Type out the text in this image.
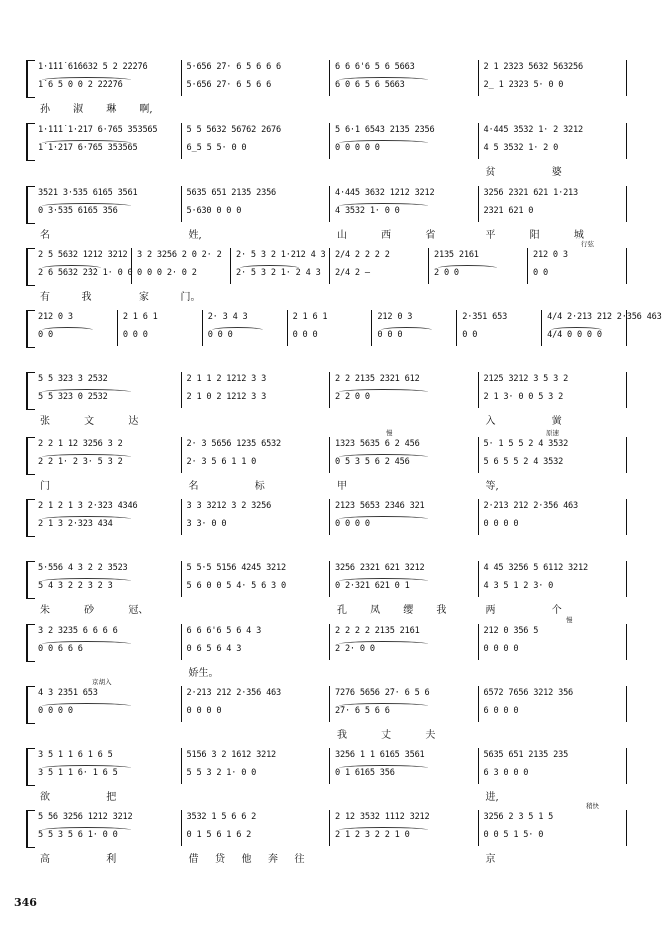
1·1̇1̇1̇ 6̇1̇6632 5 2 2̇2̇2̇7̇6	5·656 2̇7· 6 5 6 6 6	6 6 6'6 5 6 5663	2 1 2323 5632 563256
1̇ 6 5 0 0 2 2̇2̇2̇7̇6	5·656 2̇7· 6 5 6 6	6 0 6 5 6 5663	2̲ 1 2323 5· 0 0
孙 淑 琳 啊,
1·1̇1̇1̇ 1·217 6·765 353565	5 5 5632 56762 2676	5 6·1 6543 2135 2356	4·445 3532 1· 2 3212
1̇ 1·217 6·765 353565	6̲5 5 5· 0 0	0 0 0 0 0	4 5 3532 1· 2 0
贫	婆
3521 3·535 6165 3561	5635 651 2135 2356	4·445 3632 1212 3212	3256 2321 621 1·213
0 3·535 6165 356	5·630 0 0 0	4 3532 1· 0 0	2321 621 0
名	姓,	山	西	省	平	阳	城
2 5 5632 1212 3212 3 2 3256 2 0 2· 2	2· 5 3 2 1·212 4 3 2/4 2 2 2 2	2135 2161	212 0 3
2 6 5632 2̇3̇2 1· 0 0 0 0 0 2· 0 2	2· 5 3 2 1· 2 4 3	2/4 2 —	2 0 0	0 0
有	我	家	门。
行弦
212 0 3	2 1 6 1	2· 3 4 3	2 1 6 1	212 0 3	2·351 653	4/4 2·213 212 2·356 463
0 0	0 0 0	0 0 0	0 0 0	0 0 0	0 0	4/4 0 0 0 0
5 5 323 3 2532	2 1 1 2 1212 3 3	2 2 2135 2321 612	2125 3212 3 5 3 2
5 5 323 0 2532	2 1 0 2 1212 3 3	2 2 0 0	2 1 3· 0 0 5 3 2
张	文	达	入	黉
2 2 1 12 3256 3 2	2· 3 5656 1235 6532	1323 5635 6 2 456	5· 1 5 5 2 4 3532
2 2 1· 2 3· 5 3 2	2· 3 5 6 1 1 0	0 5 3 5 6 2 456	5 6 5 5 2 4 3532
门	名	标	甲	等,
慢	原速
2 1 2 1 3 2·323 4346	3 3 3212 3 2 3256	2123 5653 2346 321	2·213 212 2·356 463
2 1 3 2·323 434	3 3· 0 0	0 0 0 0	0 0 0 0
5·556 4 3 2 2 3523	5 5·5 5156 4245 3212	3256 2321 621 3212	4 45 3256 5 6112 3212
5 4 3 2 2 3 2 3	5 6 0 0 5 4· 5 6 3 0	0 2·321 621 0 1	4 3 5 1 2 3· 0
朱	砂	冠、	孔 凤 缨 我	两	个
3 2 3235 6 6 6 6	6 6 6'6 5 6 4 3	2 2 2 2 2135 2161	212 0 356 5
0 0 6 6 6	0 6 5 6 4 3	2 2· 0 0	0 0 0 0
娇生。
慢
4 3 2351 653	2·213 212 2·356 463	7276 5656 2̇7· 6 5 6	6572 7656 3212 356
0 0 0 0	0 0 0 0	2̇7· 6 5 6 6	6 0 0 0
我	丈	夫
京胡入
3 5 1 1 6 1 6 5	5156 3 2 1612 3212	3256 1 1 6165 3561	5635 651 2135 235
3 5 1 1 6· 1 6 5	5 5 3 2 1· 0 0	0 1 6165 356	6 3 0 0 0
欲	把	进,
5 56 3256 1212 3212	3532 1 5 6 6 2	2 12 3532 1112 3212	3256 2 3 5 1 5
5 5 3 5 6 1· 0 0	0 1 5 6 1 6 2	2 1 2 3 2 2 1 0	0 0 5 1 5· 0
高	利	借 贷 他 奔 往	京
稍快
346
